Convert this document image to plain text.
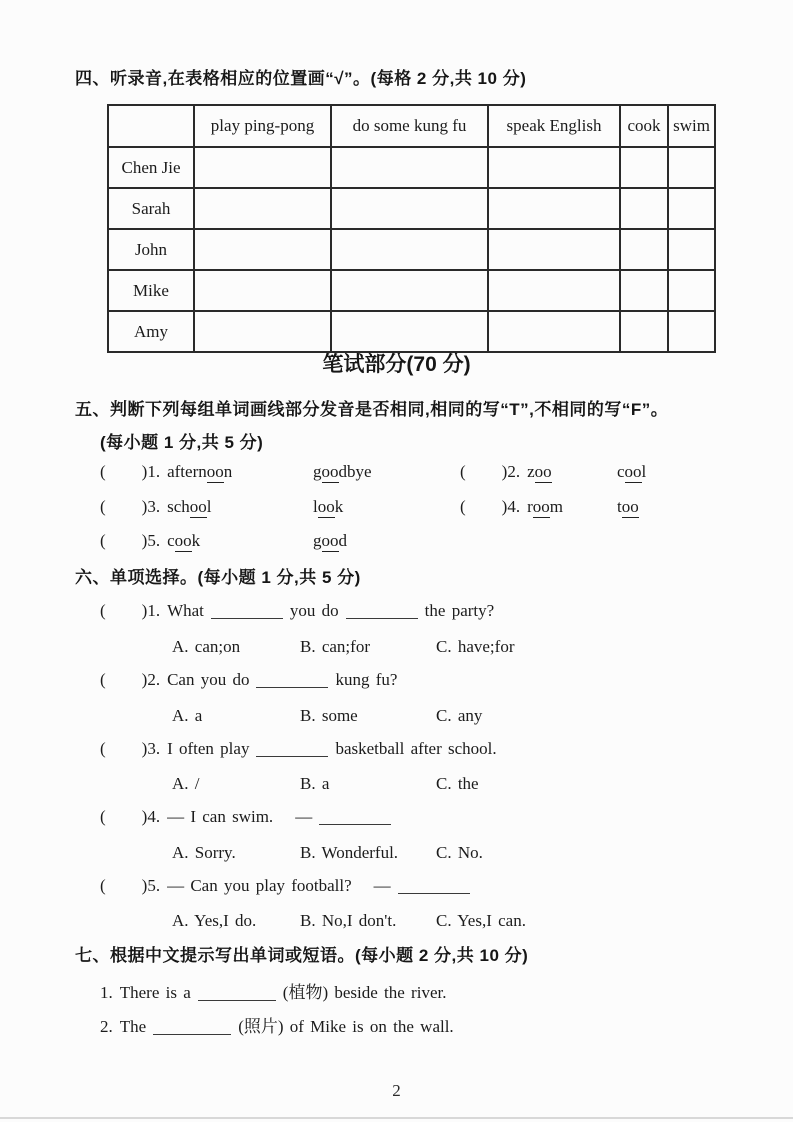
四、听录音,在表格相应的位置画“√”。(每格 2 分,共 10 分)
	play ping-pong	do some kung fu	speak English	cook	swim
Chen Jie					
Sarah					
John					
Mike					
Amy					
笔试部分(70 分)
五、判断下列每组单词画线部分发音是否相同,相同的写“T”,不相同的写“F”。
(每小题 1 分,共 5 分)
( )1. afternoon	goodbye	( )2. zoo	cool
( )3. school	look	( )4. room	too
( )5. cook	good
六、单项选择。(每小题 1 分,共 5 分)
( )1. What	you do	the party?
A. can;on	B. can;for	C. have;for
( )2. Can you do	kung fu?
A. a	B. some	C. any
( )3. I often play	basketball after school.
A. /	B. a	C. the
( )4. — I can swim. —
A. Sorry.	B. Wonderful.	C. No.
( )5. — Can you play football? —
A. Yes,I do.	B. No,I don't.	C. Yes,I can.
七、根据中文提示写出单词或短语。(每小题 2 分,共 10 分)
1. There is a	(植物) beside the river.
2. The	(照片) of Mike is on the wall.
2
